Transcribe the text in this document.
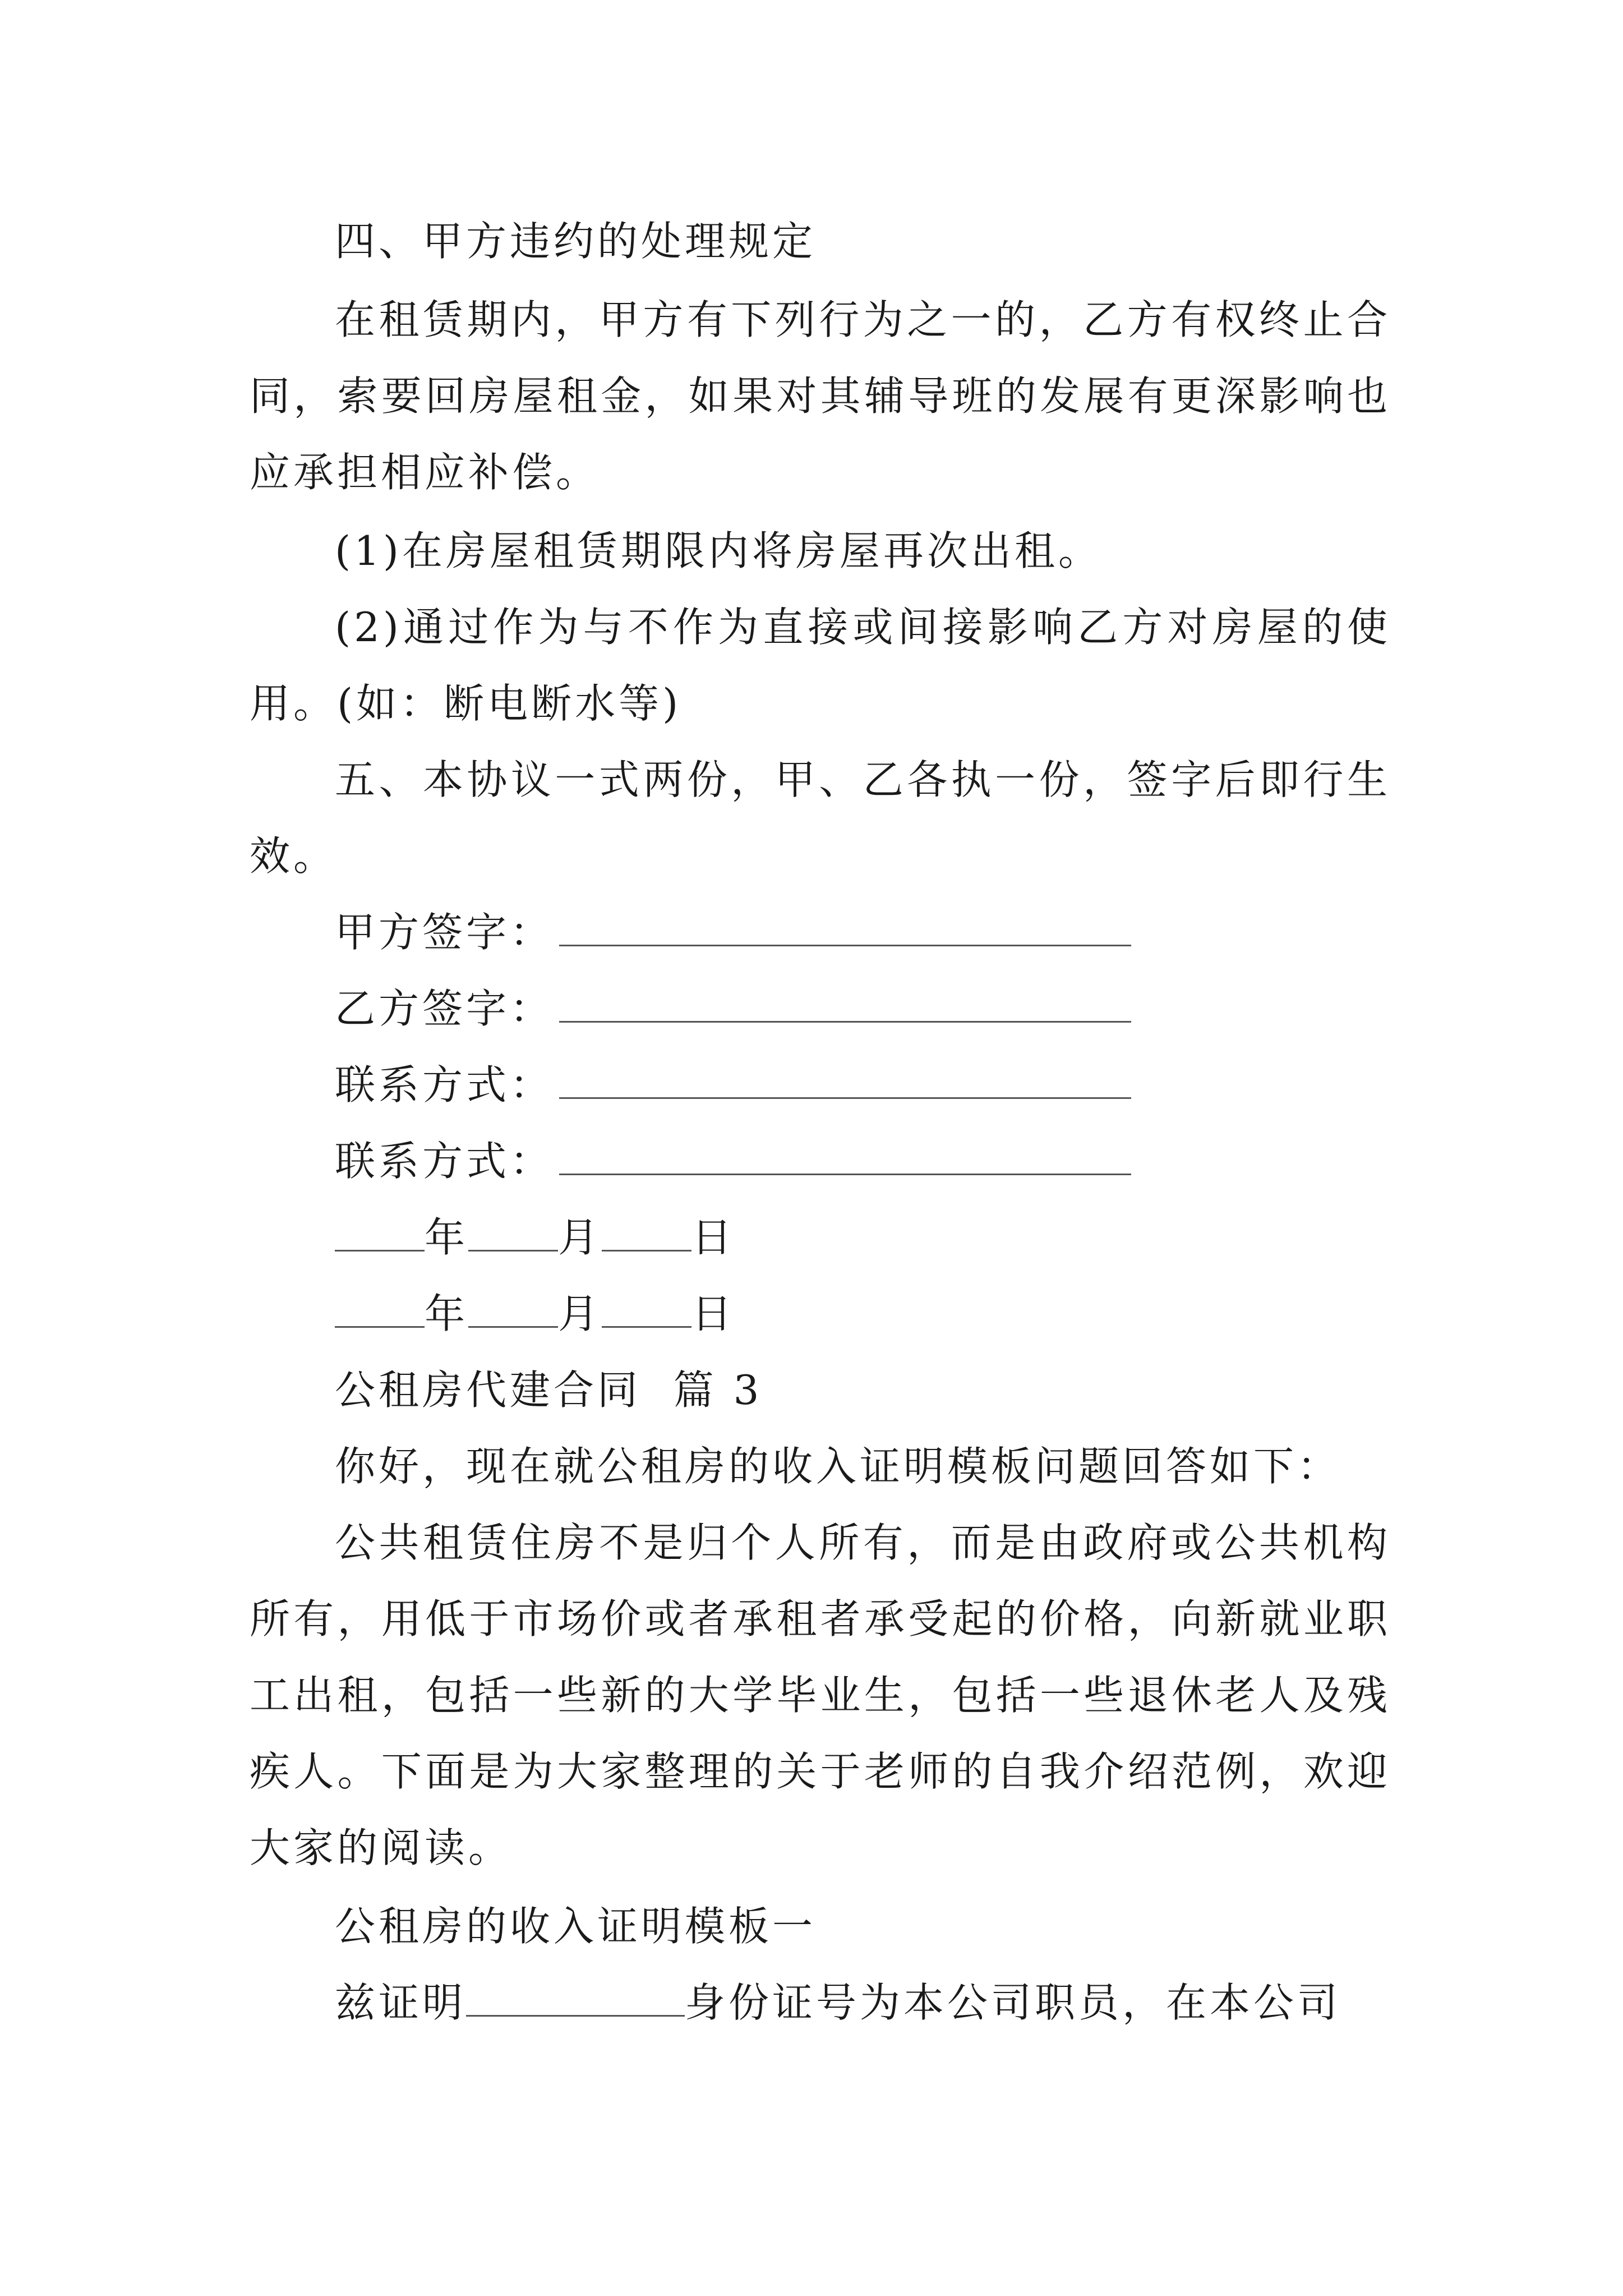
四、甲方违约的处理规定
在租赁期内，甲方有下列行为之一的，乙方有权终止合
同，索要回房屋租金，如果对其辅导班的发展有更深影响也
应承担相应补偿。
(1)在房屋租赁期限内将房屋再次出租。
(2)通过作为与不作为直接或间接影响乙方对房屋的使
用。(如：断电断水等)
五、本协议一式两份，甲、乙各执一份，签字后即行生
效。
甲方签字：
乙方签字：
联系方式：
联系方式：
年 月 日
年 月 日
公租房代建合同  篇 3
你好，现在就公租房的收入证明模板问题回答如下：
公共租赁住房不是归个人所有，而是由政府或公共机构
所有，用低于市场价或者承租者承受起的价格，向新就业职
工出租，包括一些新的大学毕业生，包括一些退休老人及残
疾人。下面是为大家整理的关于老师的自我介绍范例，欢迎
大家的阅读。
公租房的收入证明模板一
兹证明	身份证号为本公司职员，在本公司
